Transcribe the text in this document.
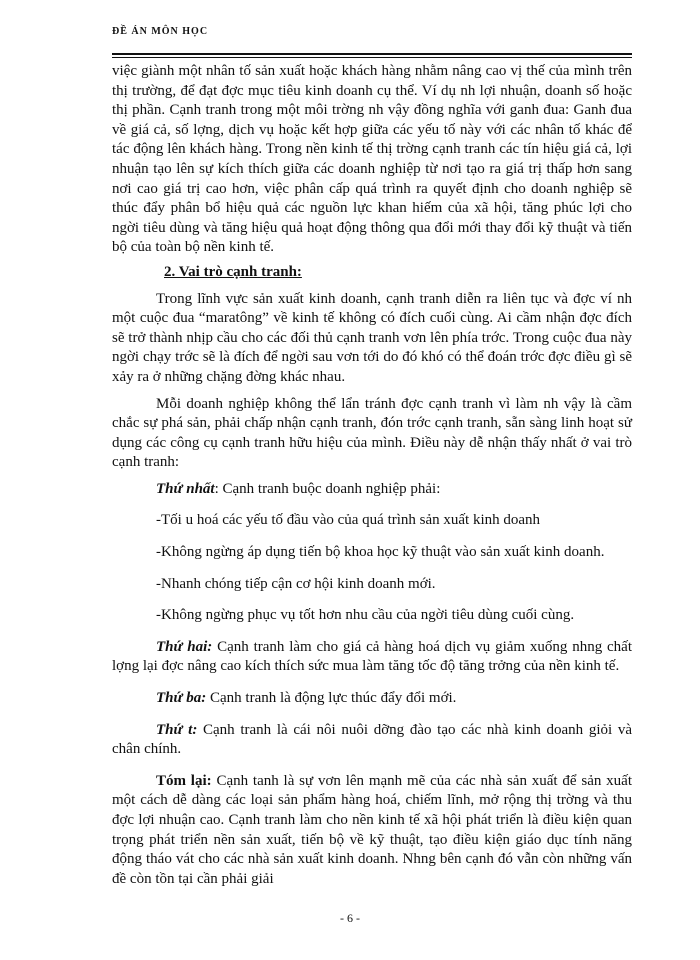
ĐỀ ÁN MÔN HỌC

việc giành một nhân tố sản xuất hoặc khách hàng nhằm nâng cao vị thế của mình trên thị trường, để đạt đợc mục tiêu kinh doanh cụ thể. Ví dụ nh lợi nhuận, doanh số hoặc thị phần. Cạnh tranh trong một môi trờng nh vậy đồng nghĩa với ganh đua: Ganh đua về giá cả, số lợng, dịch vụ hoặc kết hợp giữa các yếu tố này với các nhân tố khác để tác động lên khách hàng. Trong nền kinh tế thị trờng cạnh tranh các tín hiệu giá cả, lợi nhuận tạo lên sự kích thích giữa các doanh nghiệp từ nơi tạo ra giá trị thấp hơn sang nơi cao giá trị cao hơn, việc phân cấp quá trình ra quyết định cho doanh nghiệp sẽ thúc đẩy phân bổ hiệu quả các nguồn lực khan hiếm của xã hội, tăng phúc lợi cho ngời tiêu dùng và tăng hiệu quả hoạt động thông qua đổi mới thay đổi kỹ thuật và tiến bộ của toàn bộ nền kinh tế.

2. Vai trò cạnh tranh:

Trong lĩnh vực sản xuất kinh doanh, cạnh tranh diễn ra liên tục và đợc ví nh một cuộc đua “maratông” về kinh tế không có đích cuối cùng. Ai cầm nhận đợc đích sẽ trở thành nhịp cầu cho các đối thủ cạnh tranh vơn lên phía trớc. Trong cuộc đua này ngời chạy trớc sẽ là đích để ngời sau vơn tới do đó khó có thể đoán trớc đợc điều gì sẽ xảy ra ở những chặng đờng khác nhau.

Mỗi doanh nghiệp không thể lẩn tránh đợc cạnh tranh vì làm nh vậy là cầm chắc sự phá sản, phải chấp nhận cạnh tranh, đón trớc cạnh tranh, sẵn sàng linh hoạt sử dụng các công cụ cạnh tranh hữu hiệu của mình. Điều này dễ nhận thấy nhất ở vai trò cạnh tranh:

Thứ nhất: Cạnh tranh buộc doanh nghiệp phải:

-Tối u hoá các yếu tố đầu vào của quá trình sản xuất kinh doanh

-Không ngừng áp dụng tiến bộ khoa học kỹ thuật vào sản xuất kinh doanh.

-Nhanh chóng tiếp cận cơ hội kinh doanh mới.

-Không ngừng phục vụ tốt hơn nhu cầu của ngời tiêu dùng cuối cùng.

Thứ hai: Cạnh tranh làm cho giá cả hàng hoá dịch vụ giảm xuống nhng chất lợng lại đợc nâng cao kích thích sức mua làm tăng tốc độ tăng trởng của nền kinh tế.

Thứ ba: Cạnh tranh là động lực thúc đẩy đổi mới.

Thứ t: Cạnh tranh là cái nôi nuôi dỡng đào tạo các nhà kinh doanh giỏi và chân chính.

Tóm lại: Cạnh tanh là sự vơn lên mạnh mẽ của các nhà sản xuất để sản xuất một cách dễ dàng các loại sản phẩm hàng hoá, chiếm lĩnh, mở rộng thị trờng và thu đợc lợi nhuận cao. Cạnh tranh làm cho nền kinh tế xã hội phát triển là điều kiện quan trọng phát triển nền sản xuất, tiến bộ về kỹ thuật, tạo điều kiện giáo dục tính năng động tháo vát cho các nhà sản xuất kinh doanh. Nhng bên cạnh đó vẫn còn những vấn đề còn tồn tại cần phải giải

- 6 -
